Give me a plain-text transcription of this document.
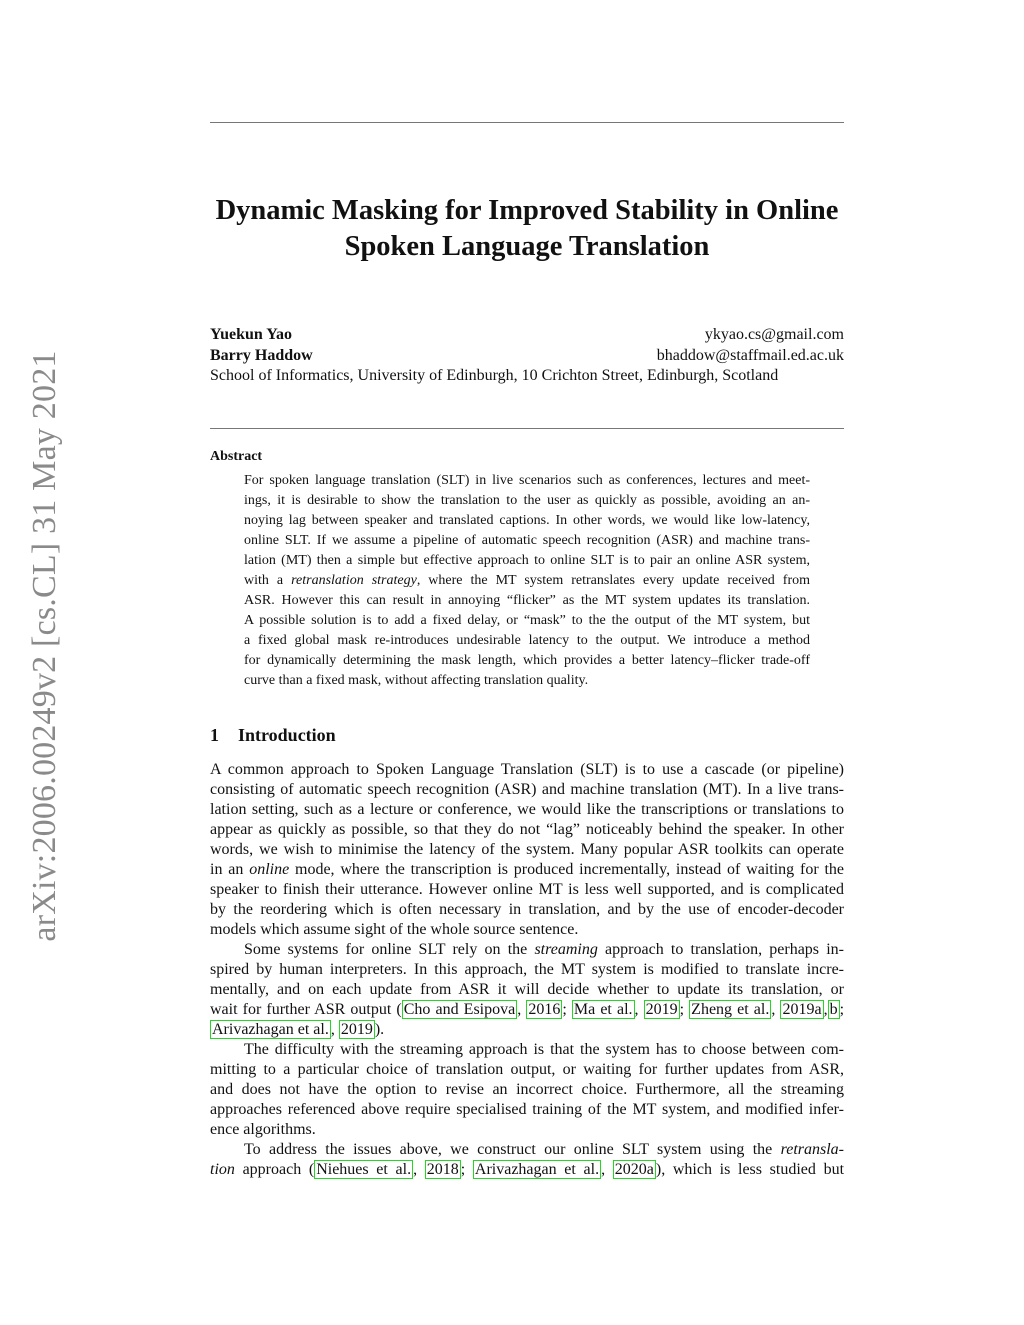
arXiv:2006.00249v2 [cs.CL] 31 May 2021
Dynamic Masking for Improved Stability in Online
Spoken Language Translation
Yuekun Yao	ykyao.cs@gmail.com
Barry Haddow	bhaddow@staffmail.ed.ac.uk
School of Informatics, University of Edinburgh, 10 Crichton Street, Edinburgh, Scotland
Abstract
For spoken language translation (SLT) in live scenarios such as conferences, lectures and meet-
ings, it is desirable to show the translation to the user as quickly as possible, avoiding an an-
noying lag between speaker and translated captions. In other words, we would like low-latency,
online SLT. If we assume a pipeline of automatic speech recognition (ASR) and machine trans-
lation (MT) then a simple but effective approach to online SLT is to pair an online ASR system,
with a retranslation strategy, where the MT system retranslates every update received from
ASR. However this can result in annoying “flicker” as the MT system updates its translation.
A possible solution is to add a fixed delay, or “mask” to the the output of the MT system, but
a fixed global mask re-introduces undesirable latency to the output. We introduce a method
for dynamically determining the mask length, which provides a better latency–flicker trade-off
curve than a fixed mask, without affecting translation quality.
1 Introduction
A common approach to Spoken Language Translation (SLT) is to use a cascade (or pipeline)
consisting of automatic speech recognition (ASR) and machine translation (MT). In a live trans-
lation setting, such as a lecture or conference, we would like the transcriptions or translations to
appear as quickly as possible, so that they do not “lag” noticeably behind the speaker. In other
words, we wish to minimise the latency of the system. Many popular ASR toolkits can operate
in an online mode, where the transcription is produced incrementally, instead of waiting for the
speaker to finish their utterance. However online MT is less well supported, and is complicated
by the reordering which is often necessary in translation, and by the use of encoder-decoder
models which assume sight of the whole source sentence.
Some systems for online SLT rely on the streaming approach to translation, perhaps in-
spired by human interpreters. In this approach, the MT system is modified to translate incre-
mentally, and on each update from ASR it will decide whether to update its translation, or
wait for further ASR output ( Cho and Esipova , 2016 ; Ma et al. , 2019 ; Zheng et al. , 2019a , b ;
Arivazhagan et al. , 2019 ).
The difficulty with the streaming approach is that the system has to choose between com-
mitting to a particular choice of translation output, or waiting for further updates from ASR,
and does not have the option to revise an incorrect choice. Furthermore, all the streaming
approaches referenced above require specialised training of the MT system, and modified infer-
ence algorithms.
To address the issues above, we construct our online SLT system using the retransla-
tion approach ( Niehues et al. , 2018 ; Arivazhagan et al. , 2020a ), which is less studied but
